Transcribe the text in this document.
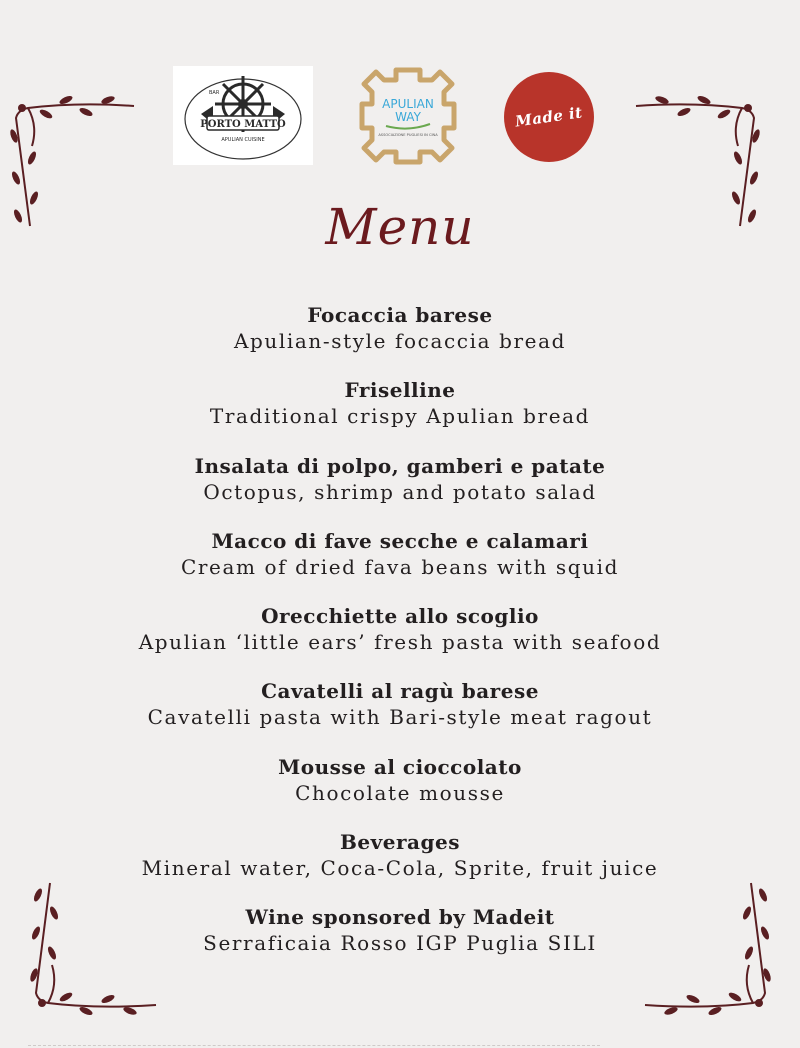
PORTO MATTO
APULIAN CUISINE
BAR
APULIAN
WAY
ASSOCIAZIONE PUGLIESI IN CINA
Made it
Menu
Focaccia barese
Apulian-style focaccia bread
Friselline
Traditional crispy Apulian bread
Insalata di polpo, gamberi e patate
Octopus, shrimp and potato salad
Macco di fave secche e calamari
Cream of dried fava beans with squid
Orecchiette allo scoglio
Apulian ‘little ears’ fresh pasta with seafood
Cavatelli al ragù barese
Cavatelli pasta with Bari-style meat ragout
Mousse al cioccolato
Chocolate mousse
Beverages
Mineral water, Coca-Cola, Sprite, fruit juice
Wine sponsored by Madeit
Serraficaia Rosso IGP Puglia SILI
